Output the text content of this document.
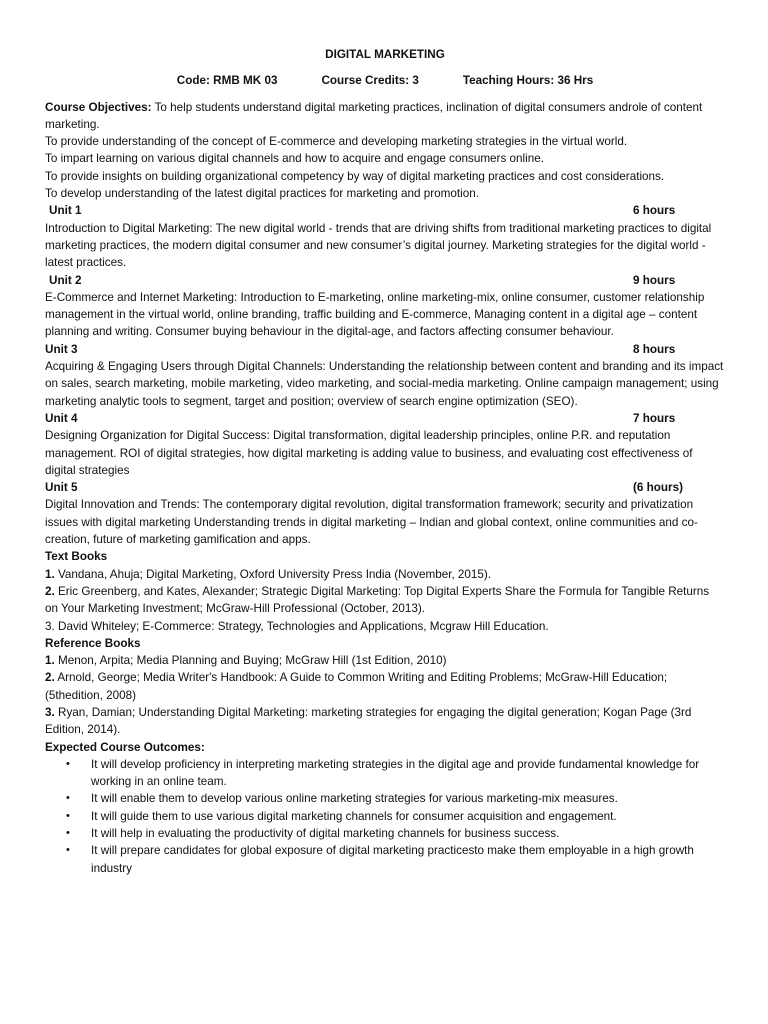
DIGITAL MARKETING
Code: RMB MK 03	Course Credits: 3	Teaching Hours: 36 Hrs

Course Objectives: To help students understand digital marketing practices, inclination of digital consumers androle of content marketing.

To provide understanding of the concept of E-commerce and developing marketing strategies in the virtual world.

To impart learning on various digital channels and how to acquire and engage consumers online.

To provide insights on building organizational competency by way of digital marketing practices and cost considerations.

To develop understanding of the latest digital practices for marketing and promotion.

Unit 1	6 hours

Introduction to Digital Marketing: The new digital world - trends that are driving shifts from traditional marketing practices to digital marketing practices, the modern digital consumer and new consumer’s digital journey. Marketing strategies for the digital world - latest practices.

Unit 2	9 hours

E-Commerce and Internet Marketing: Introduction to E-marketing, online marketing-mix, online consumer, customer relationship management in the virtual world, online branding, traffic building and E-commerce, Managing content in a digital age – content planning and writing. Consumer buying behaviour in the digital-age, and factors affecting consumer behaviour.

Unit 3	8 hours

Acquiring & Engaging Users through Digital Channels: Understanding the relationship between content and branding and its impact on sales, search marketing, mobile marketing, video marketing, and social-media marketing. Online campaign management; using marketing analytic tools to segment, target and position; overview of search engine optimization (SEO).

Unit 4	7 hours

Designing Organization for Digital Success: Digital transformation, digital leadership principles, online P.R. and reputation management. ROI of digital strategies, how digital marketing is adding value to business, and evaluating cost effectiveness of digital strategies

Unit 5	(6 hours)

Digital Innovation and Trends: The contemporary digital revolution, digital transformation framework; security and privatization issues with digital marketing Understanding trends in digital marketing – Indian and global context, online communities and co-creation, future of marketing gamification and apps.

Text Books

1. Vandana, Ahuja; Digital Marketing, Oxford University Press India (November, 2015).

2. Eric Greenberg, and Kates, Alexander; Strategic Digital Marketing: Top Digital Experts Share the Formula for Tangible Returns on Your Marketing Investment; McGraw-Hill Professional (October, 2013).

3. David Whiteley; E-Commerce: Strategy, Technologies and Applications, Mcgraw Hill Education.

Reference Books

1. Menon, Arpita; Media Planning and Buying; McGraw Hill (1st Edition, 2010)

2. Arnold, George; Media Writer's Handbook: A Guide to Common Writing and Editing Problems; McGraw-Hill Education; (5thedition, 2008)

3. Ryan, Damian; Understanding Digital Marketing: marketing strategies for engaging the digital generation; Kogan Page (3rd Edition, 2014).

Expected Course Outcomes:
• It will develop proficiency in interpreting marketing strategies in the digital age and provide fundamental knowledge for working in an online team.
• It will enable them to develop various online marketing strategies for various marketing-mix measures.
• It will guide them to use various digital marketing channels for consumer acquisition and engagement.
• It will help in evaluating the productivity of digital marketing channels for business success.
• It will prepare candidates for global exposure of digital marketing practicesto make them employable in a high growth industry
